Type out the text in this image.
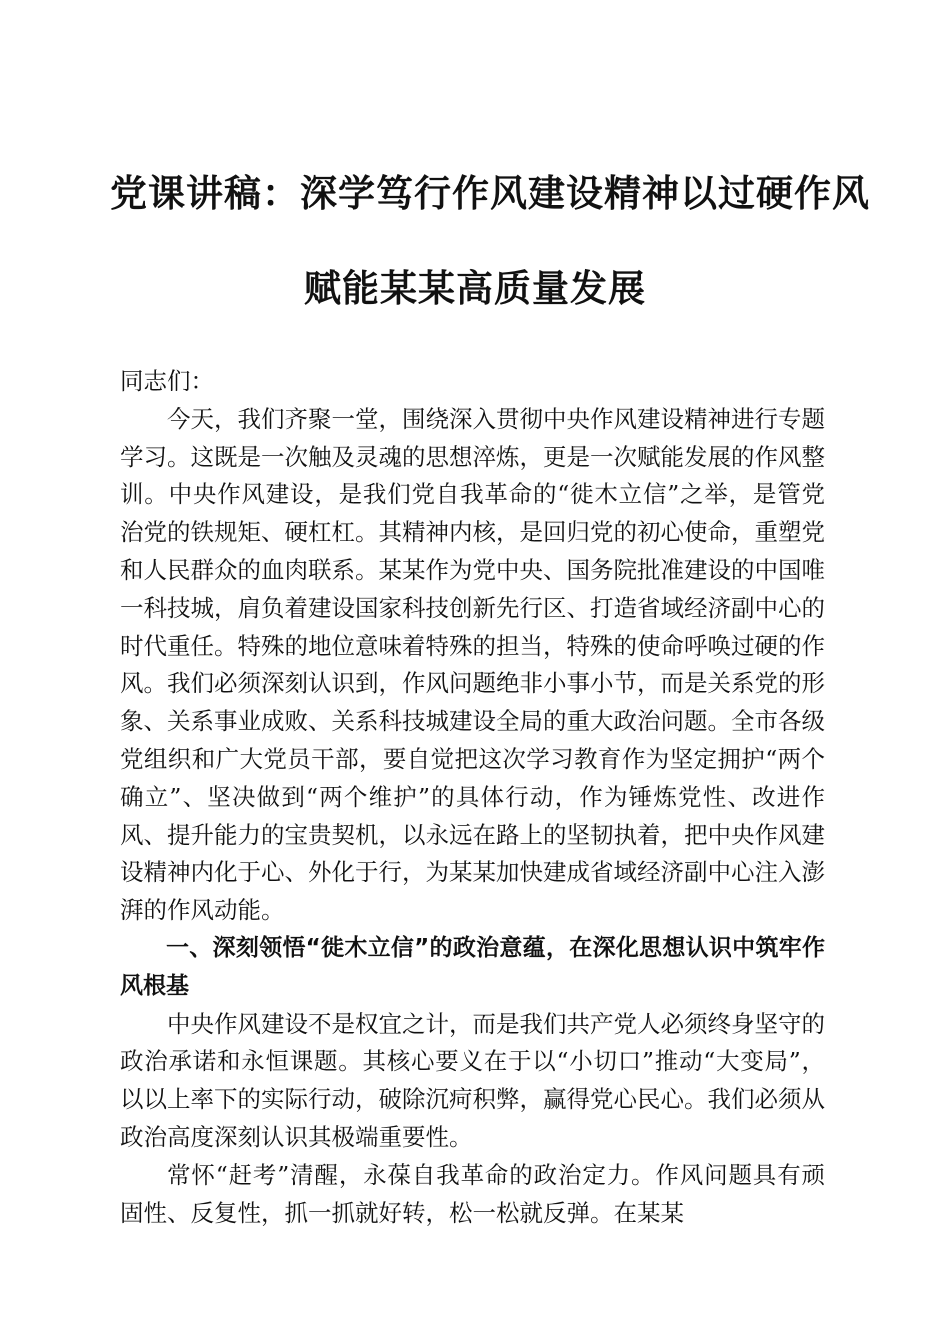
党课讲稿：深学笃行作风建设精神以过硬作风
赋能某某高质量发展

同志们：

今天，我们齐聚一堂，围绕深入贯彻中央作风建设精神进行专题学习。这既是一次触及灵魂的思想淬炼，更是一次赋能发展的作风整训。中央作风建设，是我们党自我革命的“徙木立信”之举，是管党治党的铁规矩、硬杠杠。其精神内核，是回归党的初心使命，重塑党和人民群众的血肉联系。某某作为党中央、国务院批准建设的中国唯一科技城，肩负着建设国家科技创新先行区、打造省域经济副中心的时代重任。特殊的地位意味着特殊的担当，特殊的使命呼唤过硬的作风。我们必须深刻认识到，作风问题绝非小事小节，而是关系党的形象、关系事业成败、关系科技城建设全局的重大政治问题。全市各级党组织和广大党员干部，要自觉把这次学习教育作为坚定拥护“两个确立”、坚决做到“两个维护”的具体行动，作为锤炼党性、改进作风、提升能力的宝贵契机，以永远在路上的坚韧执着，把中央作风建设精神内化于心、外化于行，为某某加快建成省域经济副中心注入澎湃的作风动能。

一、深刻领悟“徙木立信”的政治意蕴，在深化思想认识中筑牢作风根基

中央作风建设不是权宜之计，而是我们共产党人必须终身坚守的政治承诺和永恒课题。其核心要义在于以“小切口”推动“大变局”，以以上率下的实际行动，破除沉疴积弊，赢得党心民心。我们必须从政治高度深刻认识其极端重要性。

常怀“赶考”清醒，永葆自我革命的政治定力。作风问题具有顽固性、反复性，抓一抓就好转，松一松就反弹。在某某
